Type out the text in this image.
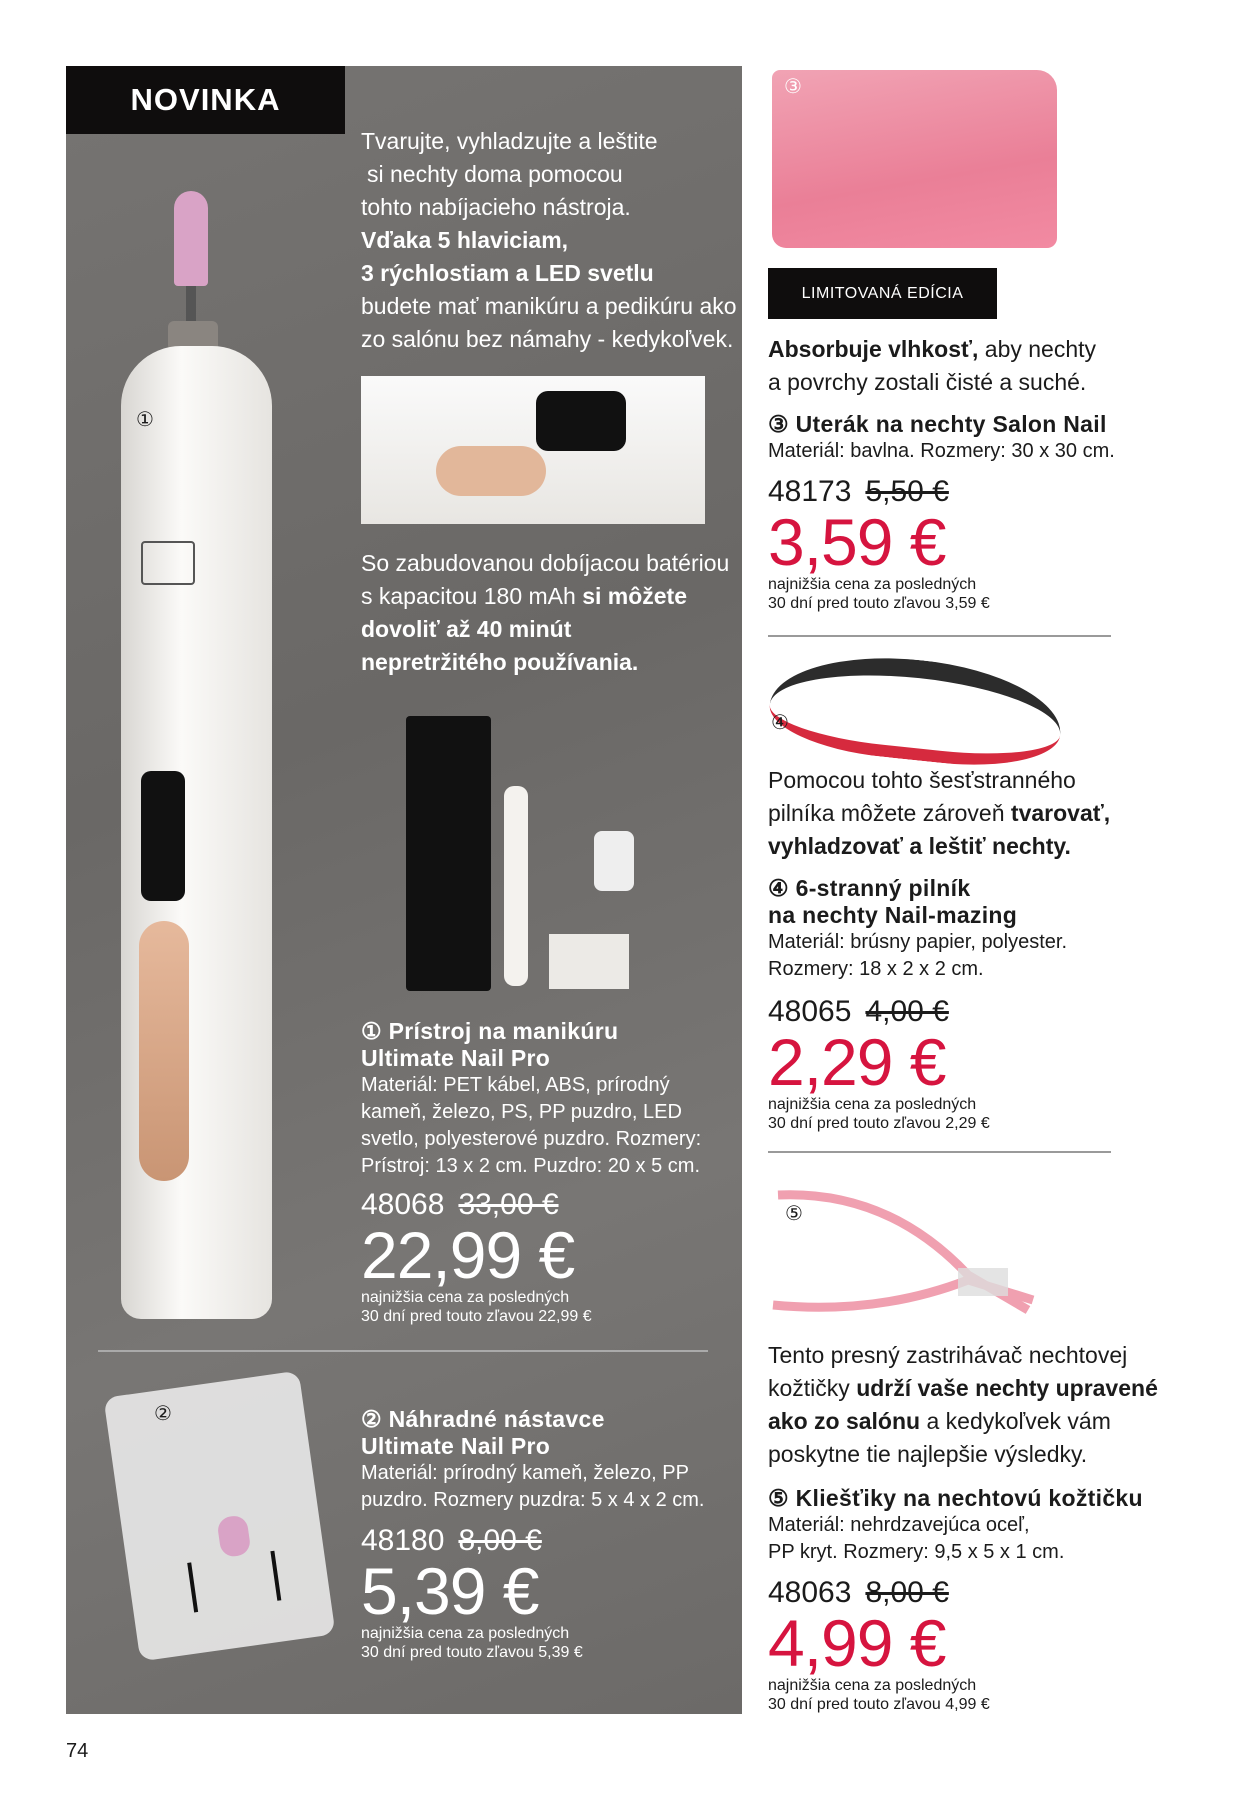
NOVINKA
①
Tvarujte, vyhladzujte a leštite
si nechty doma pomocou
tohto nabíjacieho nástroja.
Vďaka 5 hlaviciam,
3 rýchlostiam a LED svetlu
budete mať manikúru a pedikúru ako
zo salónu bez námahy - kedykoľvek.
So zabudovanou dobíjacou batériou
s kapacitou 180 mAh si môžete
dovoliť až 40 minút
nepretržitého používania.
① Prístroj na manikúru
Ultimate Nail Pro
Materiál: PET kábel, ABS, prírodný
kameň, železo, PS, PP puzdro, LED
svetlo, polyesterové puzdro. Rozmery:
Prístroj: 13 x 2 cm. Puzdro: 20 x 5 cm.
48068 33,00 €
22,99 €
najnižšia cena za posledných
30 dní pred touto zľavou 22,99 €
②	② Náhradné nástavce
Ultimate Nail Pro
Materiál: prírodný kameň, železo, PP
puzdro. Rozmery puzdra: 5 x 4 x 2 cm.
48180 8,00 €
5,39 €
najnižšia cena za posledných
30 dní pred touto zľavou 5,39 €
③
LIMITOVANÁ EDÍCIA
Absorbuje vlhkosť, aby nechty
a povrchy zostali čisté a suché.
③ Uterák na nechty Salon Nail
Materiál: bavlna. Rozmery: 30 x 30 cm.
48173 5,50 €
3,59 €
najnižšia cena za posledných
30 dní pred touto zľavou 3,59 €
④
Pomocou tohto šesťstranného
pilníka môžete zároveň tvarovať,
vyhladzovať a leštiť nechty.
④ 6-stranný pilník
na nechty Nail-mazing
Materiál: brúsny papier, polyester.
Rozmery: 18 x 2 x 2 cm.
48065 4,00 €
2,29 €
najnižšia cena za posledných
30 dní pred touto zľavou 2,29 €
⑤
Tento presný zastrihávač nechtovej
kožtičky udrží vaše nechty upravené
ako zo salónu a kedykoľvek vám
poskytne tie najlepšie výsledky.
⑤ Kliešťiky na nechtovú kožtičku
Materiál: nehrdzavejúca oceľ,
PP kryt. Rozmery: 9,5 x 5 x 1 cm.
48063 8,00 €
4,99 €
najnižšia cena za posledných
30 dní pred touto zľavou 4,99 €
74
